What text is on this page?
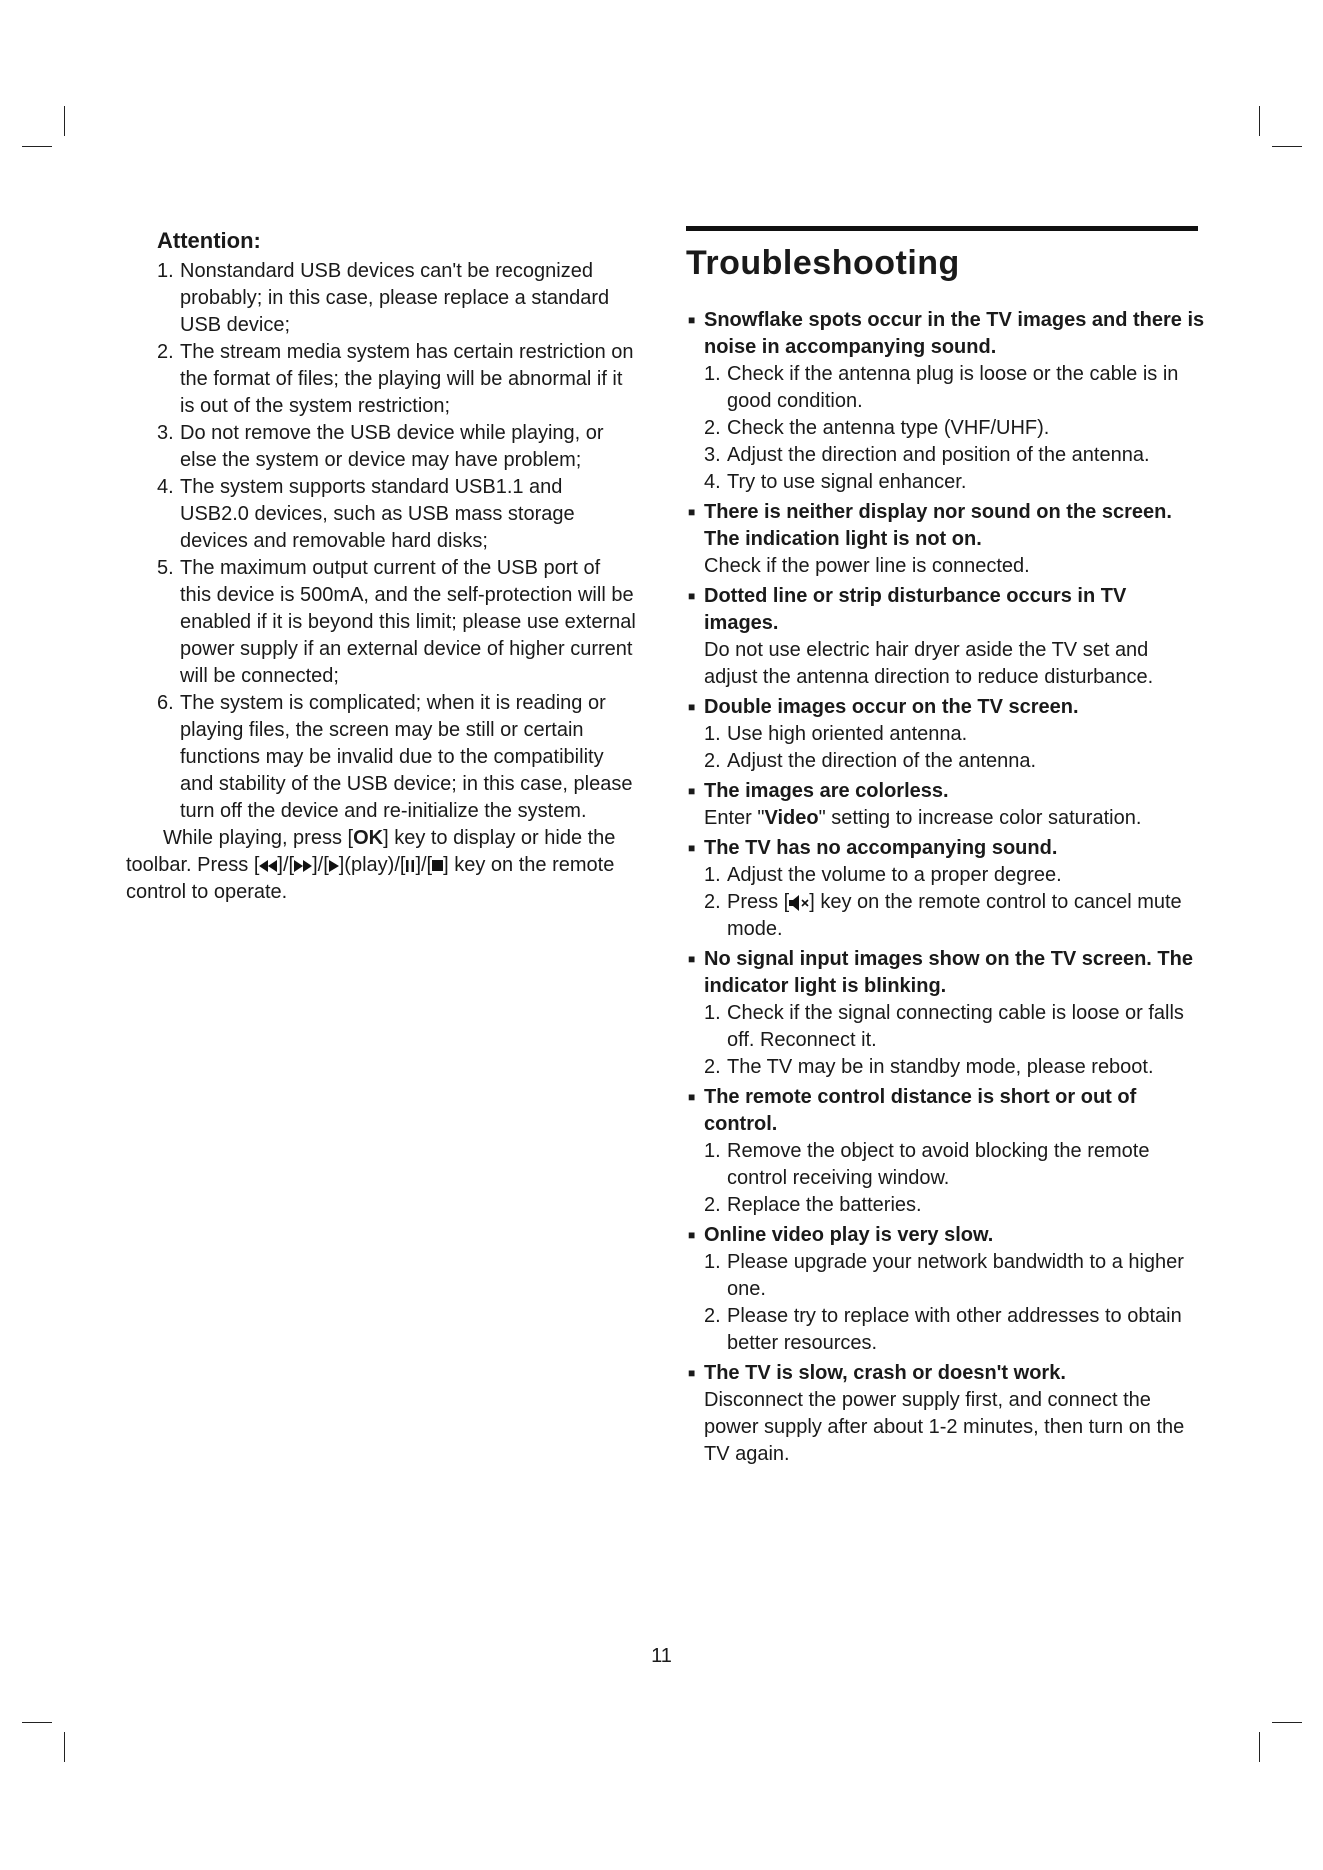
Attention:
1. Nonstandard USB devices can't be recognized probably; in this case, please replace a standard USB device;
2. The stream media system has certain restriction on the format of files; the playing will be abnormal if it is out of the system restriction;
3. Do not remove the USB device while playing, or else the system or device may have problem;
4. The system supports standard USB1.1 and USB2.0 devices, such as USB mass storage devices and removable hard disks;
5. The maximum output current of the USB port of this device is 500mA, and the self-protection will be enabled if it is beyond this limit; please use external power supply if an external device of higher current will be connected;
6. The system is complicated; when it is reading or playing files, the screen may be still or certain functions may be invalid due to the compatibility and stability of the USB device; in this case, please turn off the device and re-initialize the system.
While playing, press [OK] key to display or hide the toolbar. Press [ ]/[ ]/[ ](play)/[ ]/[ ] key on the remote control to operate.
Troubleshooting
■ Snowflake spots occur in the TV images and there is noise in accompanying sound.
1. Check if the antenna plug is loose or the cable is in good condition.
2. Check the antenna type (VHF/UHF).
3. Adjust the direction and position of the antenna.
4. Try to use signal enhancer.
■ There is neither display nor sound on the screen. The indication light is not on.
Check if the power line is connected.
■ Dotted line or strip disturbance occurs in TV images.
Do not use electric hair dryer aside the TV set and adjust the antenna direction to reduce disturbance.
■ Double images occur on the TV screen.
1. Use high oriented antenna.
2. Adjust the direction of the antenna.
■ The images are colorless.
Enter "Video" setting to increase color saturation.
■ The TV has no accompanying sound.
1. Adjust the volume to a proper degree.
2. Press [ ] key on the remote control to cancel mute mode.
■ No signal input images show on the TV screen. The indicator light is blinking.
1. Check if the signal connecting cable is loose or falls off. Reconnect it.
2. The TV may be in standby mode, please reboot.
■ The remote control distance is short or out of control.
1. Remove the object to avoid blocking the remote control receiving window.
2. Replace the batteries.
■ Online video play is very slow.
1. Please upgrade your network bandwidth to a higher one.
2. Please try to replace with other addresses to obtain better resources.
■ The TV is slow, crash or doesn't work.
Disconnect the power supply first, and connect the power supply after about 1-2 minutes, then turn on the TV again.
11
